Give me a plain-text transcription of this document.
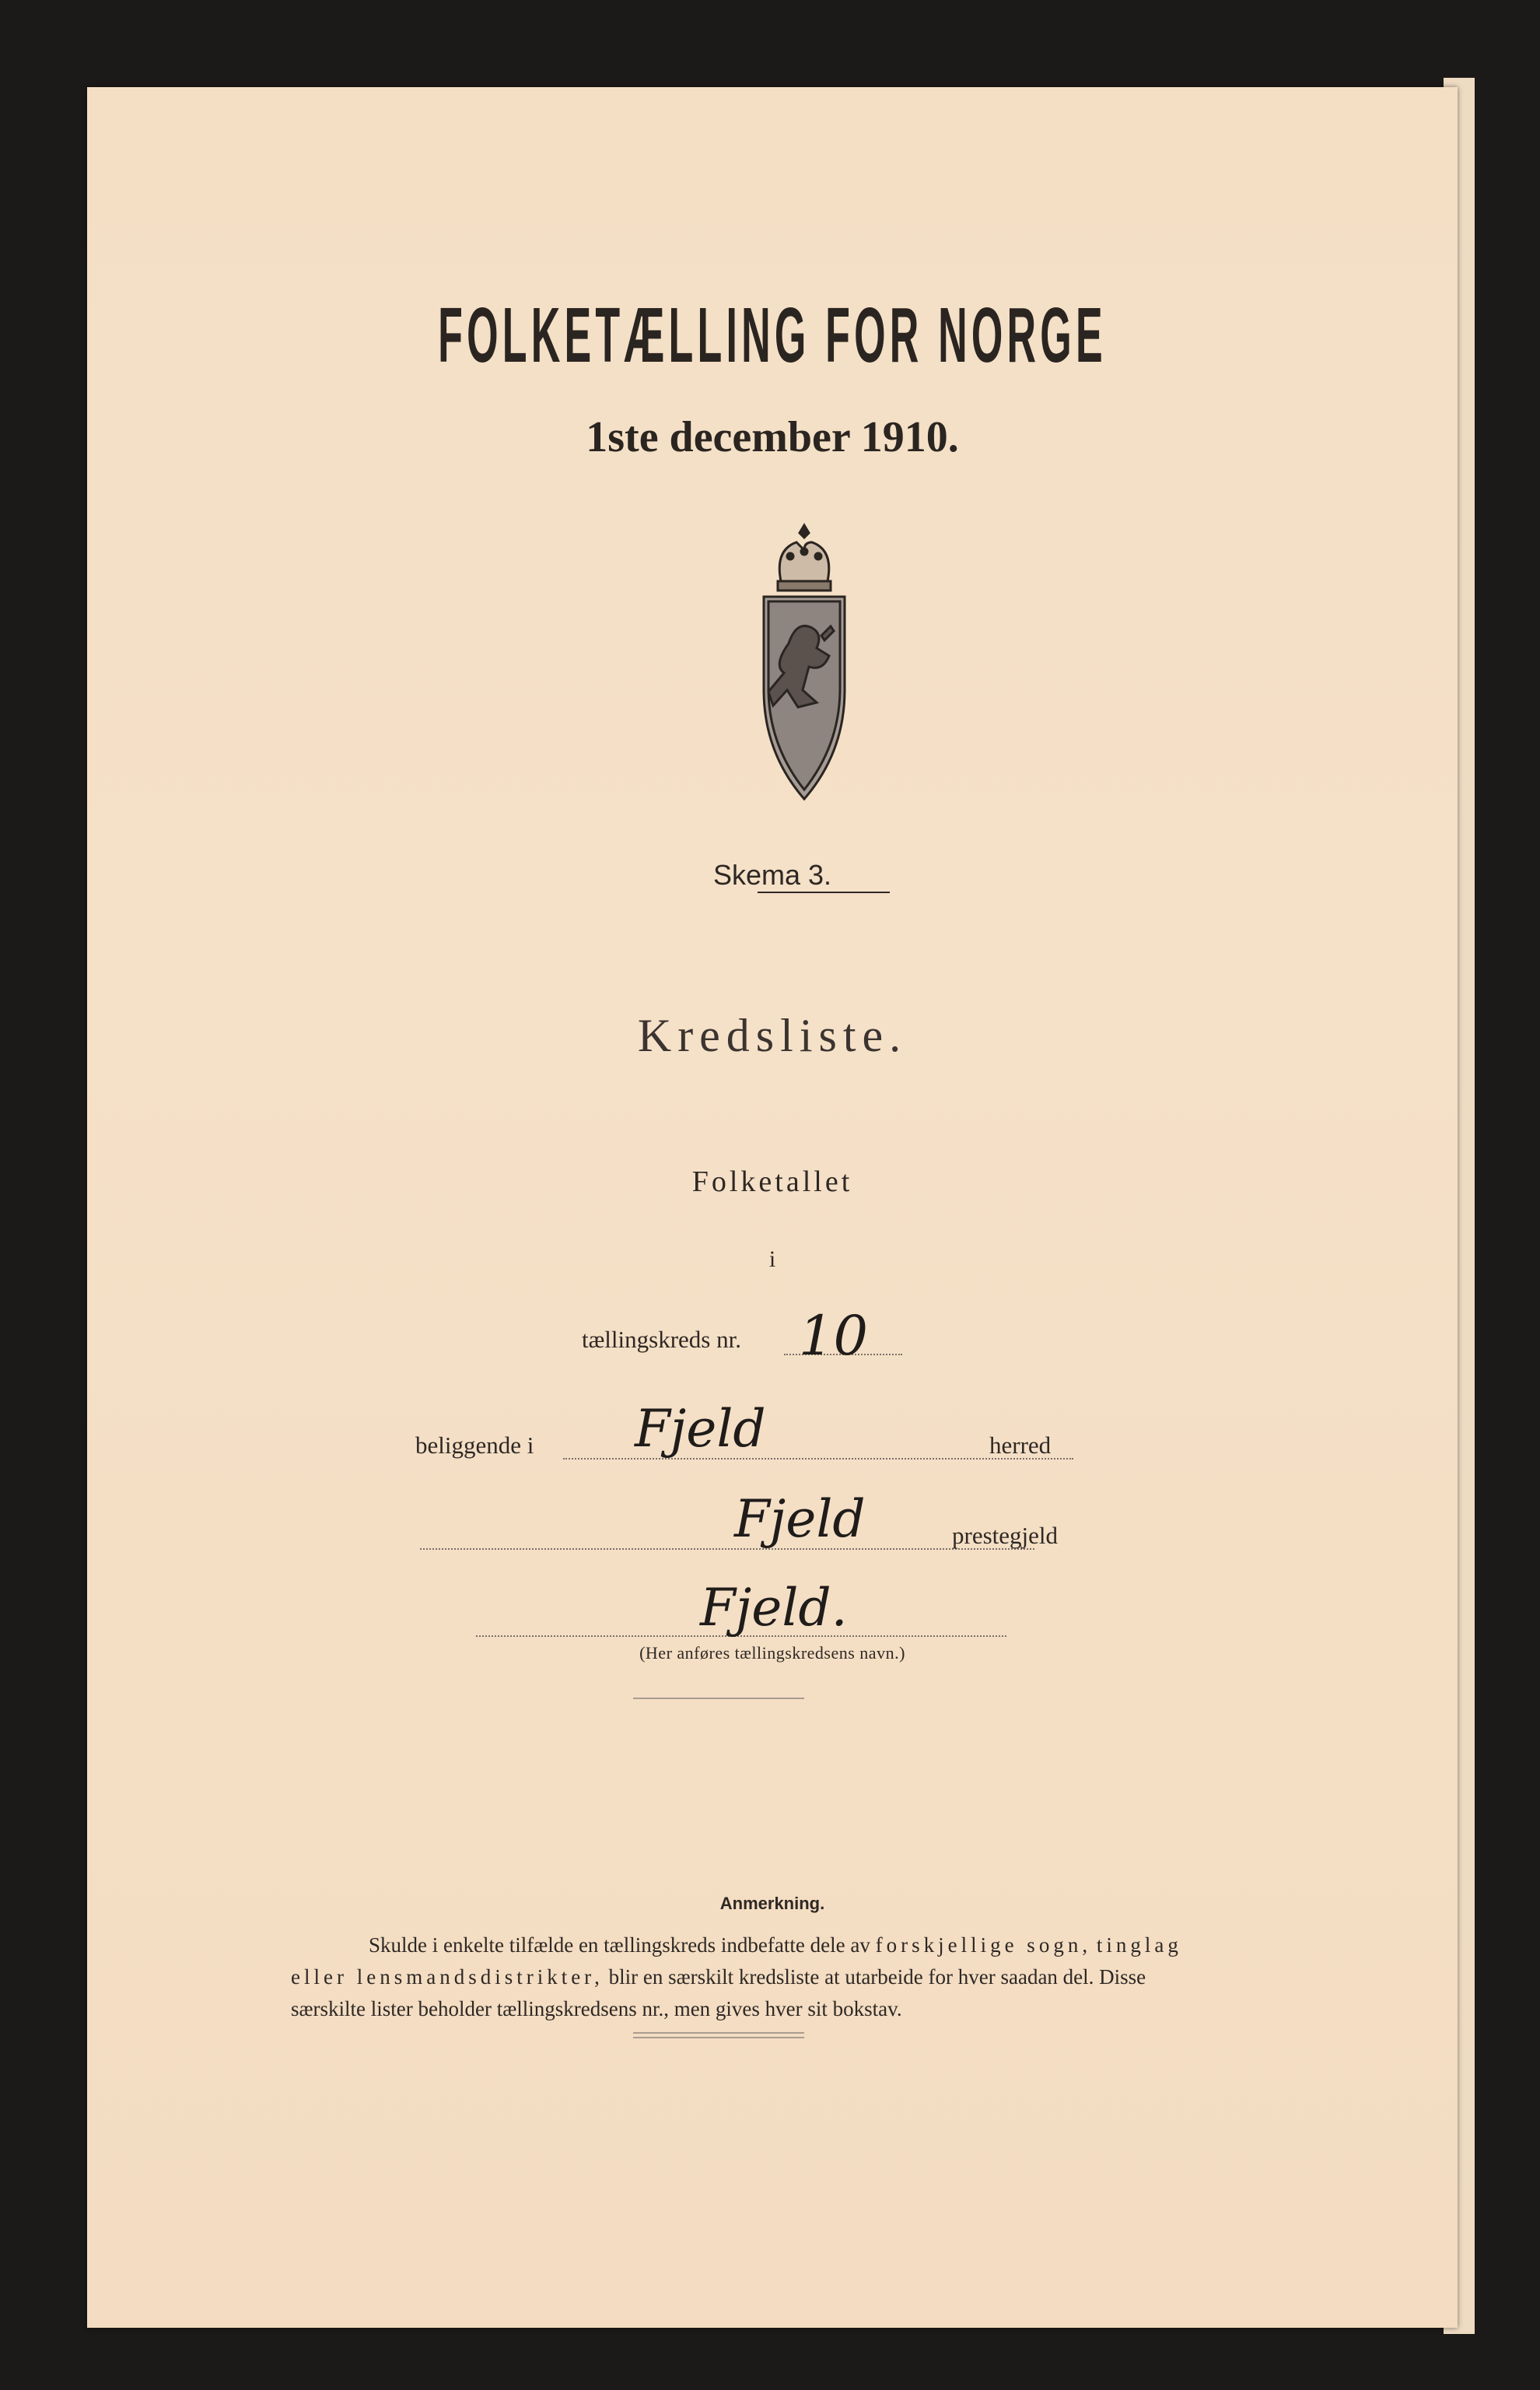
FOLKETÆLLING FOR NORGE
1ste december 1910.
Skema 3.
Kredsliste.
Folketallet
i
tællingskreds nr. 10
beliggende i Fjeld	herred
Fjeld	prestegjeld
Fjeld.
(Her anføres tællingskredsens navn.)
Anmerkning.

Skulde i enkelte tilfælde en tællingskreds indbefatte dele av forskjellige sogn, tinglag

eller lensmandsdistrikter, blir en særskilt kredsliste at utarbeide for hver saadan del. Disse

særskilte lister beholder tællingskredsens nr., men gives hver sit bokstav.
